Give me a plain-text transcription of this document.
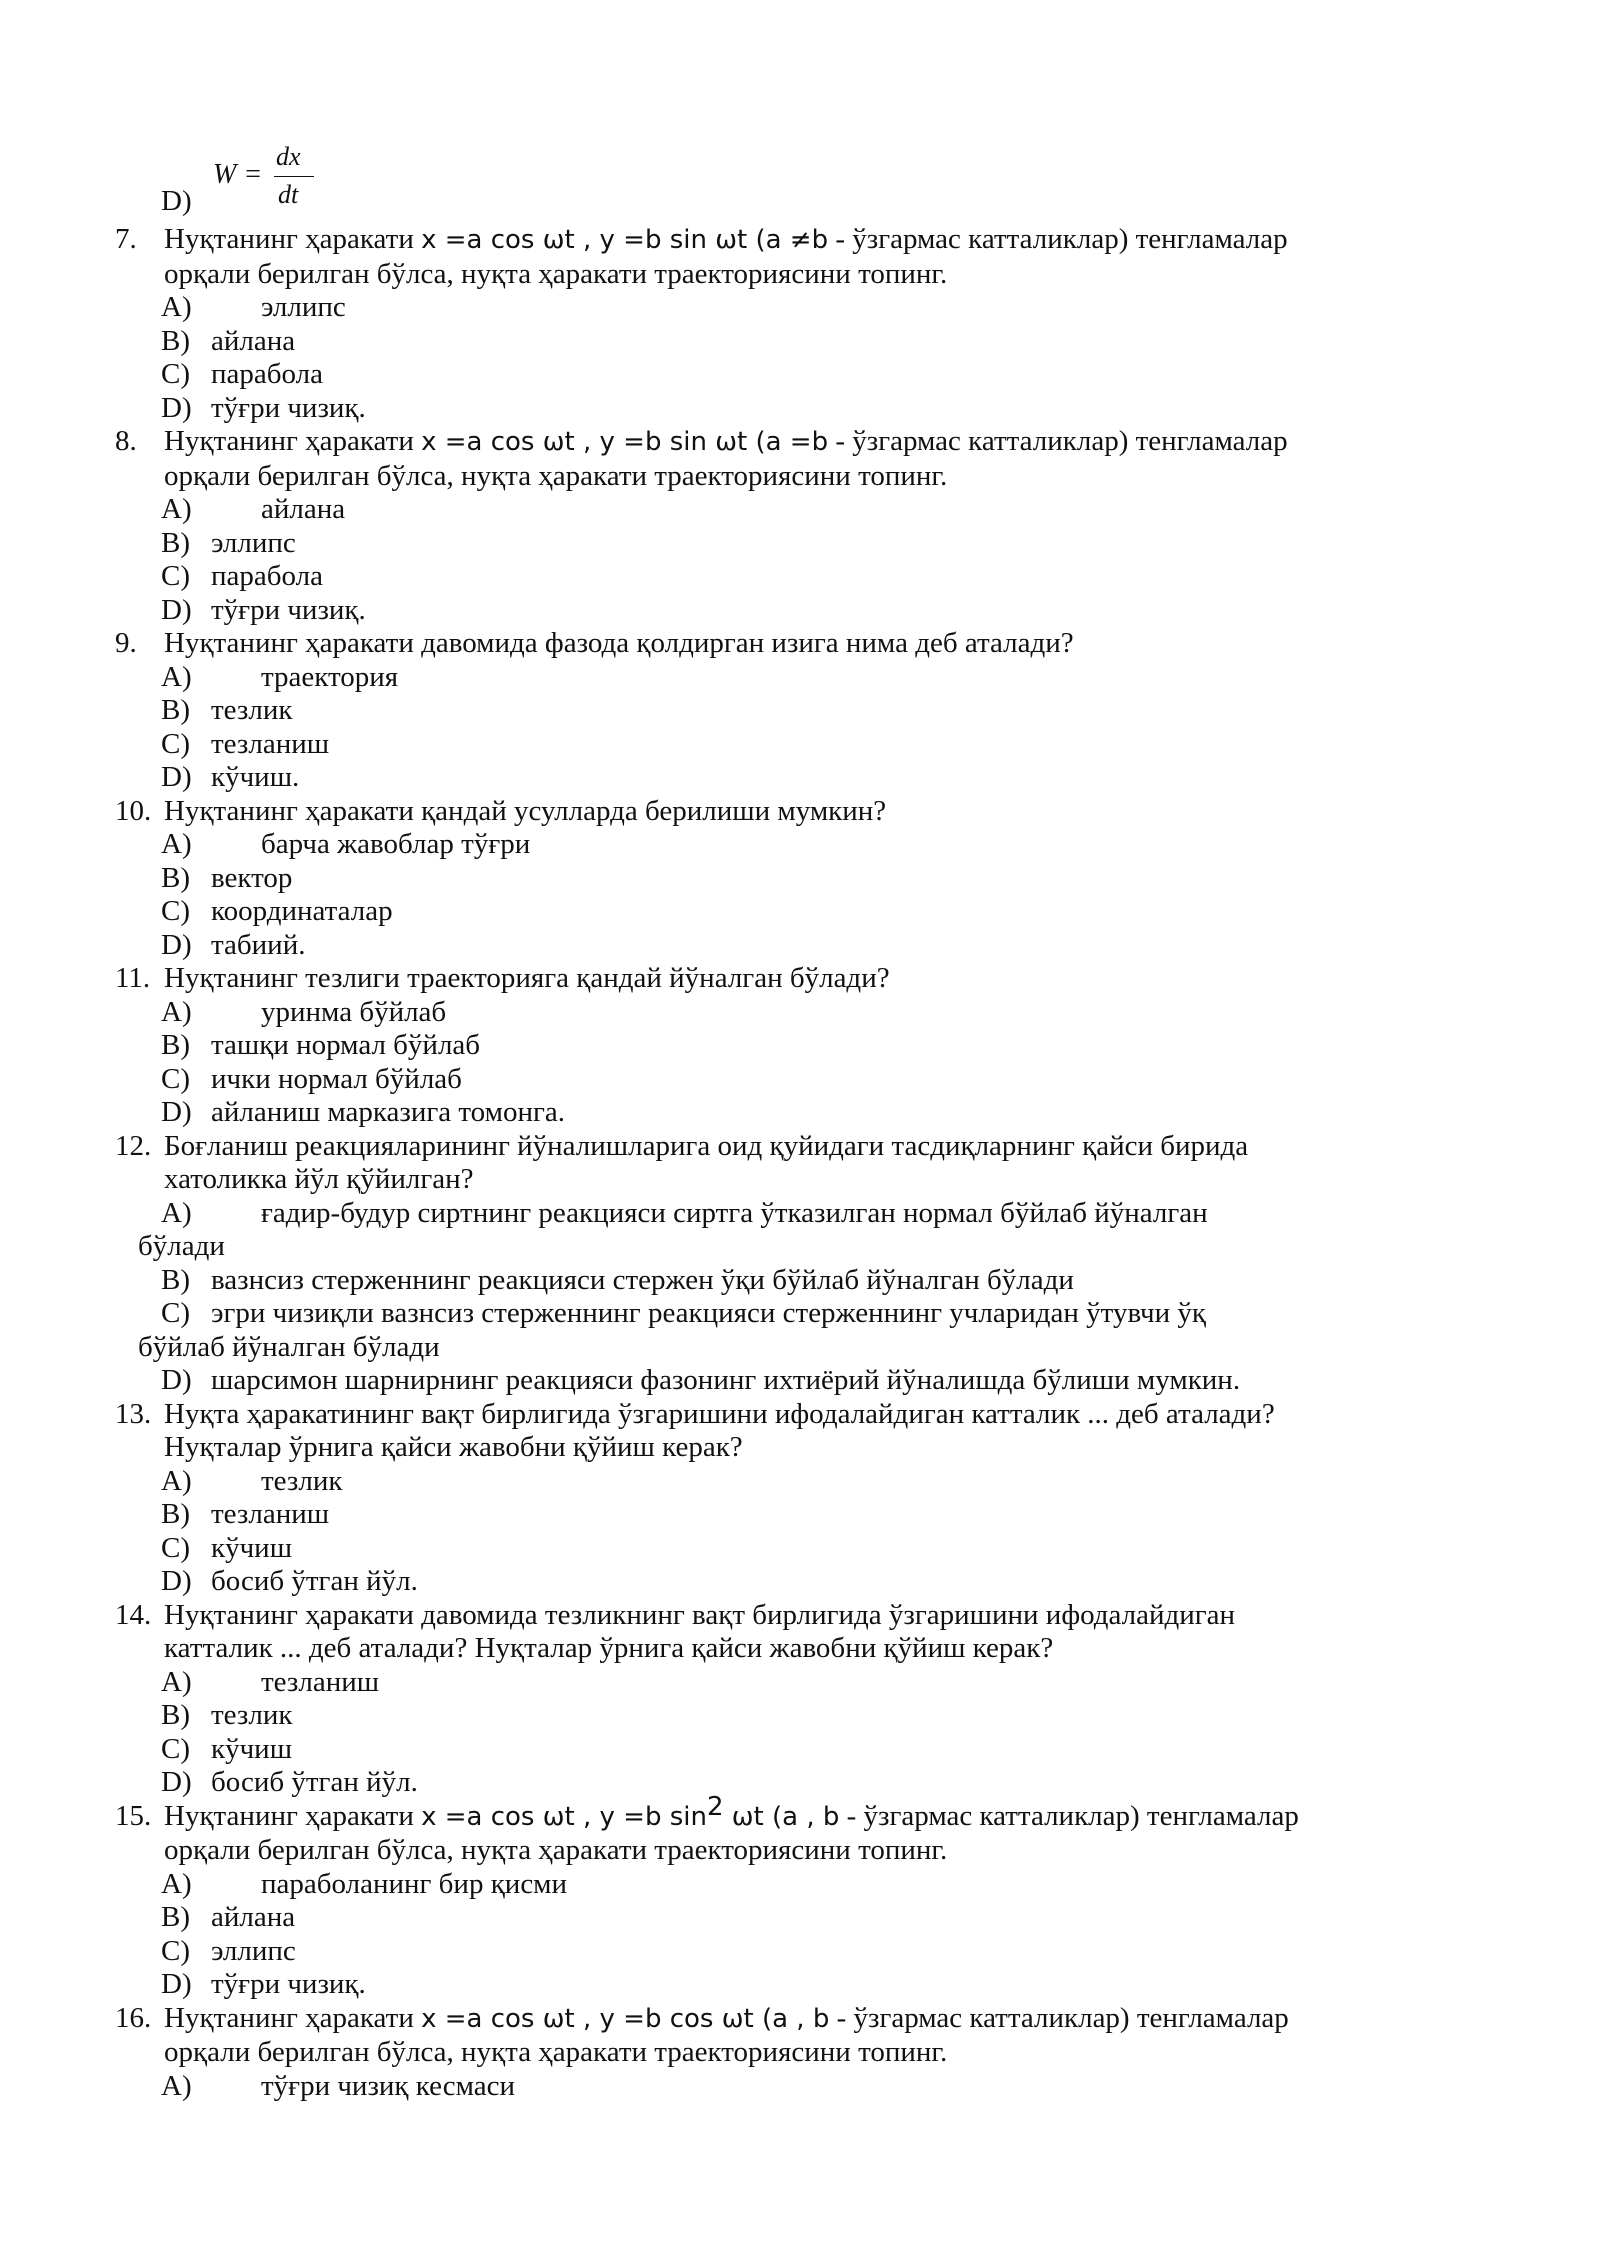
W =
dx
dt
D)
7. Нуқтанинг ҳаракати x =a cos ωt , y =b sin ωt (a ≠b - ўзгармас катталиклар) тенгламалар
орқали берилган бўлса, нуқта ҳаракати траекториясини топинг.
A) эллипс
B) айлана
C) парабола
D) тўғри чизиқ.
8. Нуқтанинг ҳаракати x =a cos ωt , y =b sin ωt (a =b - ўзгармас катталиклар) тенгламалар
орқали берилган бўлса, нуқта ҳаракати траекториясини топинг.
A) айлана
B) эллипс
C) парабола
D) тўғри чизиқ.
9. Нуқтанинг ҳаракати давомида фазода қолдирган изига нима деб аталади?
A) траектория
B) тезлик
C) тезланиш
D) кўчиш.
10. Нуқтанинг ҳаракати қандай усулларда берилиши мумкин?
A) барча жавоблар тўғри
B) вектор
C) координаталар
D) табиий.
11. Нуқтанинг тезлиги траекторияга қандай йўналган бўлади?
A) уринма бўйлаб
B) ташқи нормал бўйлаб
C) ички нормал бўйлаб
D) айланиш марказига томонга.
12. Боғланиш реакцияларининг йўналишларига оид қуйидаги тасдиқларнинг қайси бирида
хатоликка йўл қўйилган?
A) ғадир-будур сиртнинг реакцияси сиртга ўтказилган нормал бўйлаб йўналган
бўлади
B) вазнсиз стерженнинг реакцияси стержен ўқи бўйлаб йўналган бўлади
C) эгри чизиқли вазнсиз стерженнинг реакцияси стерженнинг учларидан ўтувчи ўқ
бўйлаб йўналган бўлади
D) шарсимон шарнирнинг реакцияси фазонинг ихтиёрий йўналишда бўлиши мумкин.
13. Нуқта ҳаракатининг вақт бирлигида ўзгаришини ифодалайдиган катталик ... деб аталади?
Нуқталар ўрнига қайси жавобни қўйиш керак?
A) тезлик
B) тезланиш
C) кўчиш
D) босиб ўтган йўл.
14. Нуқтанинг ҳаракати давомида тезликнинг вақт бирлигида ўзгаришини ифодалайдиган
катталик ... деб аталади? Нуқталар ўрнига қайси жавобни қўйиш керак?
A) тезланиш
B) тезлик
C) кўчиш
D) босиб ўтган йўл.
15. Нуқтанинг ҳаракати x =a cos ωt , y =b $\sin^2 \omega t$ (a , b - ўзгармас катталиклар) тенгламалар
орқали берилган бўлса, нуқта ҳаракати траекториясини топинг.
A) параболанинг бир қисми
B) айлана
C) эллипс
D) тўғри чизиқ.
16. Нуқтанинг ҳаракати x =a cos ωt , y =b cos ωt (a , b - ўзгармас катталиклар) тенгламалар
орқали берилган бўлса, нуқта ҳаракати траекториясини топинг.
A) тўғри чизиқ кесмаси
